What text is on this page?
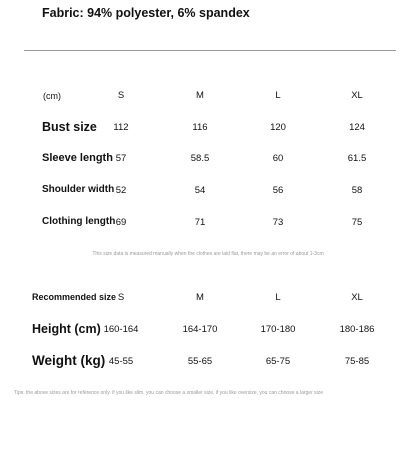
Fabric: 94% polyester, 6% spandex
(cm)	S	M	L	XL
Bust size 112	116	120	124
Sleeve length 57	58.5	60	61.5
Shoulder width 52	54	56	58
Clothing length 69	71	73	75
This size data is measured manually when the clothes are laid flat, there may be an error of about 1-3cm
Recommended size S	M	L	XL
Height (cm) 160-164	164-170	170-180	180-186
Weight (kg) 45-55	55-65	65-75	75-85
Tips: the above sizes are for reference only. if you like slim, you can choose a smaller size, if you like oversize, you can choose a larger size
